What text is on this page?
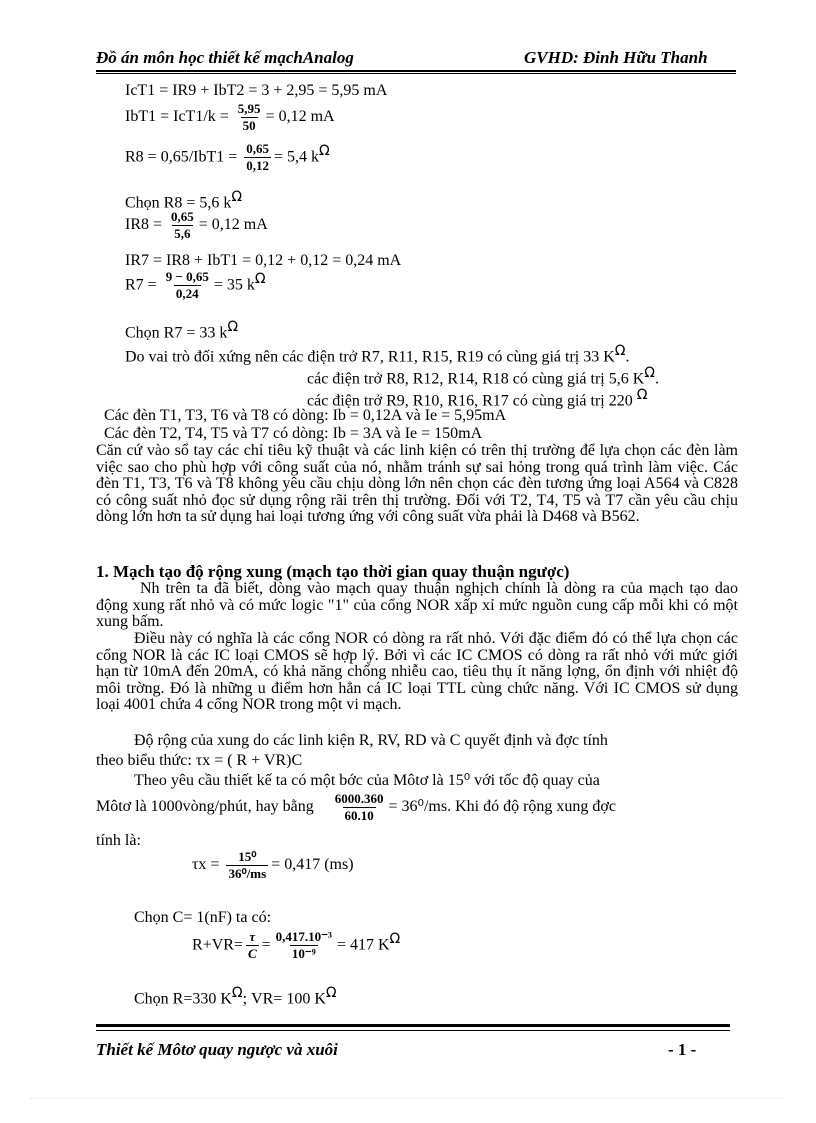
Đồ án môn học thiết kế mạchAnalog	GVHD: Đinh Hữu Thanh
IcT1 = IR9 + IbT2 = 3 + 2,95 = 5,95 mA
$IbT1 = IcT1/k = \frac{5,95}{50} = 0,12$ mA
$R8 = 0,65/IbT1 = \frac{0,65}{0,12} = 5,4$ kΩ
Chọn R8 = 5,6 kΩ
$IR8 = \frac{0,65}{5,6} = 0,12$ mA
IR7 = IR8 + IbT1 = 0,12 + 0,12 = 0,24 mA
$R7 = \frac{9 - 0,65}{0,24} = 35$ kΩ
Chọn R7 = 33 kΩ
Do vai trò đối xứng nên các điện trở R7, R11, R15, R19 có cùng giá trị 33 KΩ.
các điện trở R8, R12, R14, R18 có cùng giá trị 5,6 KΩ.
các điện trở R9, R10, R16, R17 có cùng giá trị 220 Ω
Các đèn T1, T3, T6 và T8 có dòng: Ib = 0,12A và Ie = 5,95mA
Các đèn T2, T4, T5 và T7 có dòng: Ib = 3A và Ie = 150mA
Căn cứ vào sổ tay các chỉ tiêu kỹ thuật và các linh kiện có trên thị trường để lựa chọn các đèn làm việc sao cho phù hợp với công suất của nó, nhằm tránh sự sai hỏng trong quá trình làm việc. Các đèn T1, T3, T6 và T8 không yêu cầu chịu dòng lớn nên chọn các đèn tương ứng loại A564 và C828 có công suất nhỏ đọc sử dụng rộng rãi trên thị trường. Đối với T2, T4, T5 và T7 cần yêu cầu chịu dòng lớn hơn ta sử dụng hai loại tương ứng với công suất vừa phải là D468 và B562.
1. Mạch tạo độ rộng xung (mạch tạo thời gian quay thuận ngược)
Nh trên ta đã biết, dòng vào mạch quay thuận nghịch chính là dòng ra của mạch tạo dao động xung rất nhỏ và có mức logic "1" của cổng NOR xấp xỉ mức nguồn cung cấp mỗi khi có một xung bấm.
Điều này có nghĩa là các cổng NOR có dòng ra rất nhỏ. Với đặc điểm đó có thể lựa chọn các cổng NOR là các IC loại CMOS sẽ hợp lý. Bởi vì các IC CMOS có dòng ra rất nhỏ với mức giới hạn từ 10mA đến 20mA, có khả năng chống nhiễu cao, tiêu thụ ít năng lợng, ổn định với nhiệt độ môi trờng. Đó là những u điểm hơn hẳn cá IC loại TTL cùng chức năng. Với IC CMOS sử dụng loại 4001 chứa 4 cổng NOR trong một vi mạch.
Độ rộng của xung do các linh kiện R, RV, RD và C quyết định và đợc tính
theo biểu thức: τx = ( R + VR)C
Theo yêu cầu thiết kế ta có một bớc của Môtơ là 15⁰ với tốc độ quay của
Môtơ là 1000vòng/phút, hay bằng $\frac{6000.360}{60.10} = 36^0/ms$. Khi đó độ rộng xung đợc
tính là:
$\tau x = \frac{\text{15⁰}}{\text{36⁰/ms}} = 0,417$ (ms)
Chọn C= 1(nF) ta có:
$R+VR= \frac{\tau}{C} = \frac{\text{0,417.10⁻³}}{\text{10⁻⁹}} = 417$ KΩ
Chọn R=330 KΩ; VR= 100 KΩ
Thiết kế Môtơ quay ngược và xuôi	- 1 -
